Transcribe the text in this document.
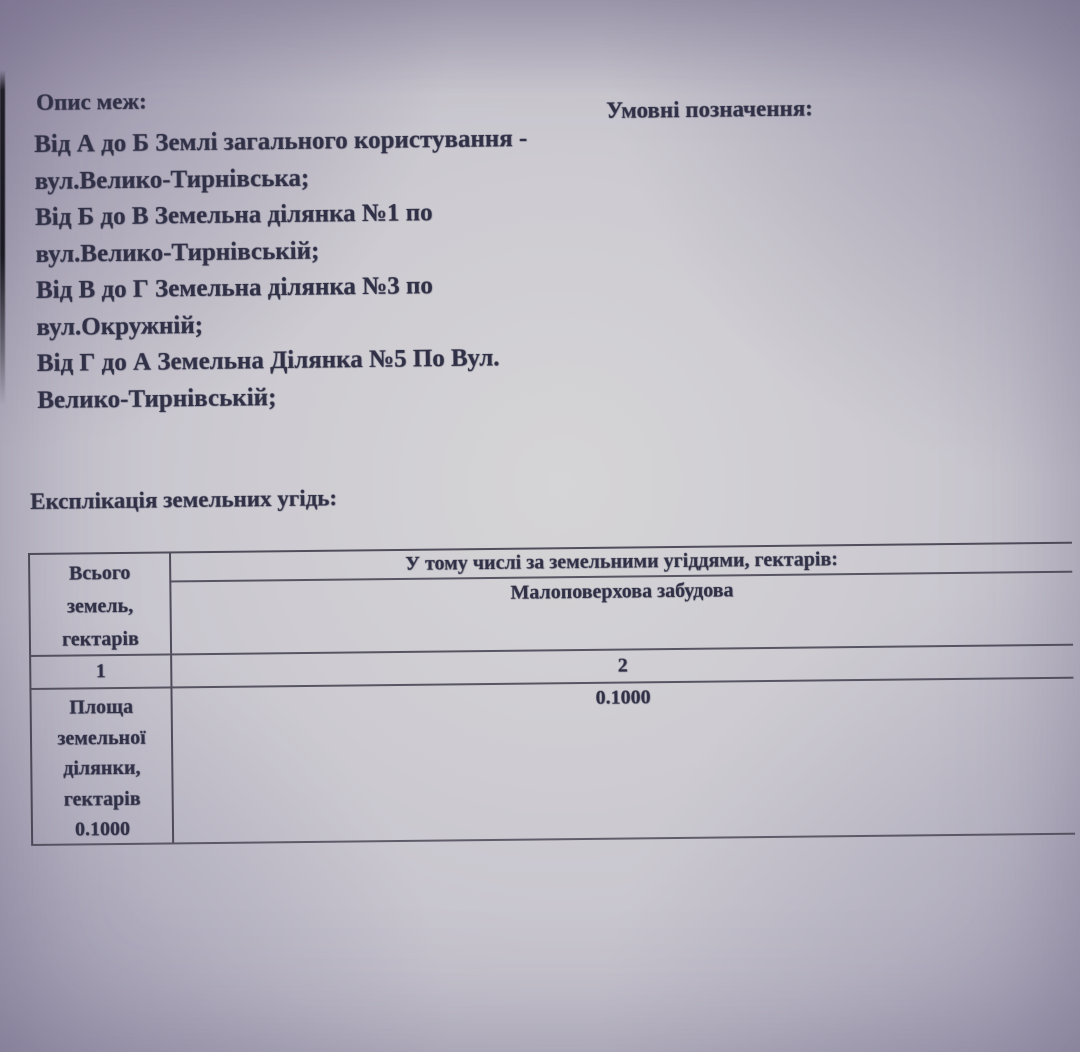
Опис меж:	Умовні позначення:
Від А до Б Землі загального користування -
вул.Велико-Тирнівська;
Від Б до В Земельна ділянка №1 по
вул.Велико-Тирнівській;
Від В до Г Земельна ділянка №3 по
вул.Окружній;
Від Г до А Земельна Ділянка №5 По Вул.
Велико-Тирнівській;
Експлікація земельних угідь:
Всього
земель,
гектарів
У тому числі за земельними угіддями, гектарів:
Малоповерхова забудова
1	2
Площа
земельної
ділянки,
гектарів
0.1000
0.1000
